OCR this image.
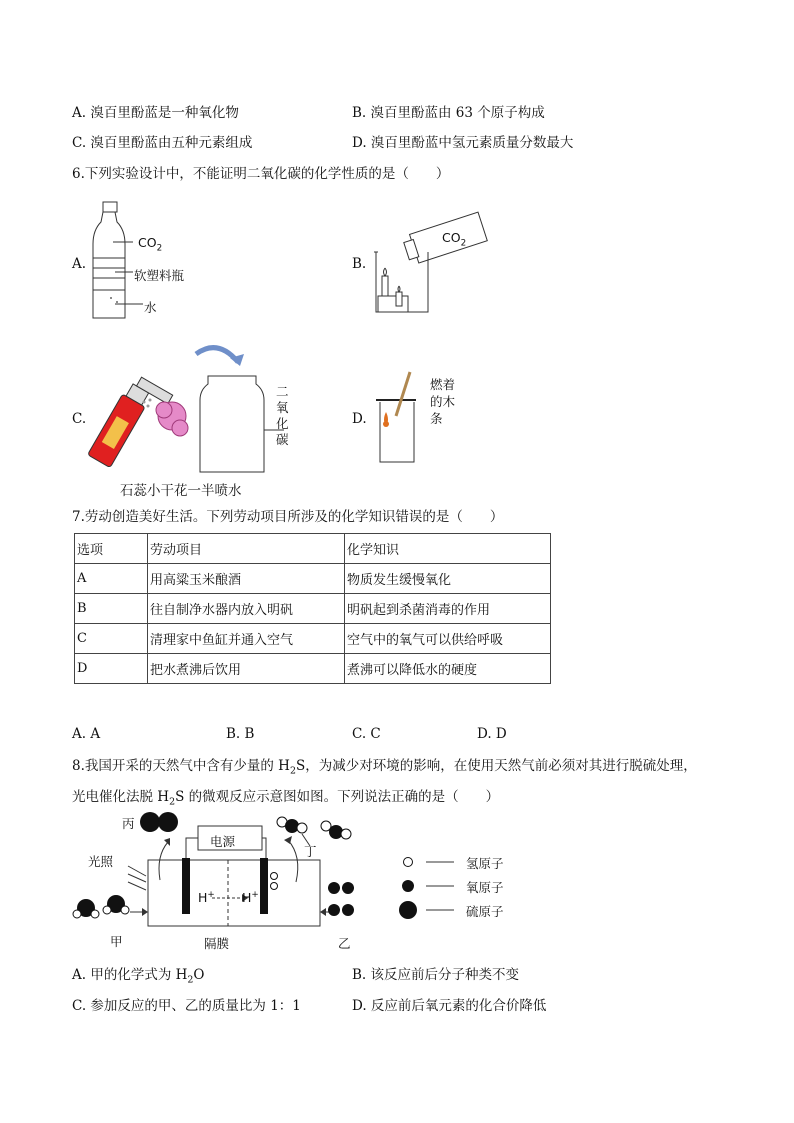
A. 溴百里酚蓝是一种氧化物	B. 溴百里酚蓝由 63 个原子构成
C. 溴百里酚蓝由五种元素组成	D. 溴百里酚蓝中氢元素质量分数最大
6.下列实验设计中，不能证明二氧化碳的化学性质的是（　　）
A.
$CO_2$
软塑料瓶
水
B.
$CO_2$
C.
二
氧
化
碳
石蕊小干花一半喷水
D.
燃着
的木
条
7.劳动创造美好生活。下列劳动项目所涉及的化学知识错误的是（　　）
选项	劳动项目	化学知识
A	用高粱玉米酿酒	物质发生缓慢氧化
B	往自制净水器内放入明矾	明矾起到杀菌消毒的作用
C	清理家中鱼缸并通入空气	空气中的氧气可以供给呼吸
D	把水煮沸后饮用	煮沸可以降低水的硬度
A. A	B. B	C. C	D. D
8.我国开采的天然气中含有少量的 $H_2S$，为减少对环境的影响，在使用天然气前必须对其进行脱硫处理，
光电催化法脱 $H_2S$ 的微观反应示意图如图。下列说法正确的是（　　）
丙
丁
电源
光照
H+ H+
甲	隔膜	乙
氢原子
氧原子
硫原子
A. 甲的化学式为 $H_2O$	B. 该反应前后分子种类不变
C. 参加反应的甲、乙的质量比为 1：1	D. 反应前后氧元素的化合价降低
